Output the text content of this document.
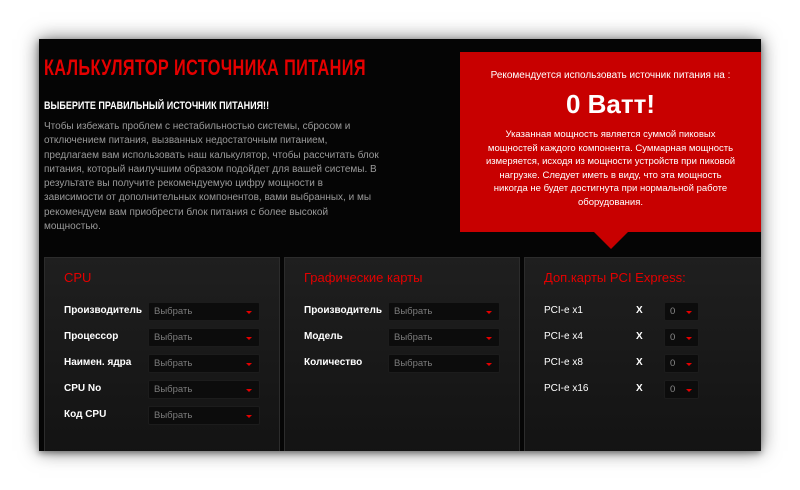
КАЛЬКУЛЯТОР ИСТОЧНИКА ПИТАНИЯ
ВЫБЕРИТЕ ПРАВИЛЬНЫЙ ИСТОЧНИК ПИТАНИЯ!!
Чтобы избежать проблем с нестабильностью системы, сбросом и отключением питания, вызванных недостаточным питанием, предлагаем вам использовать наш калькулятор, чтобы рассчитать блок питания, который наилучшим образом подойдет для вашей системы. В результате вы получите рекомендуемую цифру мощности в зависимости от дополнительных компонентов, вами выбранных, и мы рекомендуем вам приобрести блок питания с более высокой мощностью.
Рекомендуется использовать источник питания на :
0 Ватт!
Указанная мощность является суммой пиковых мощностей каждого компонента. Суммарная мощность измеряется, исходя из мощности устройств при пиковой нагрузке. Следует иметь в виду, что эта мощность никогда не будет достигнута при нормальной работе оборудования.
CPU
Производитель	Выбрать
Процессор	Выбрать
Наимен. ядра	Выбрать
CPU No	Выбрать
Код CPU	Выбрать
Графические карты
Производитель	Выбрать
Модель	Выбрать
Количество	Выбрать
Доп.карты PCI Express:
PCI-e x1	X	0
PCI-e x4	X	0
PCI-e x8	X	0
PCI-e x16	X	0
